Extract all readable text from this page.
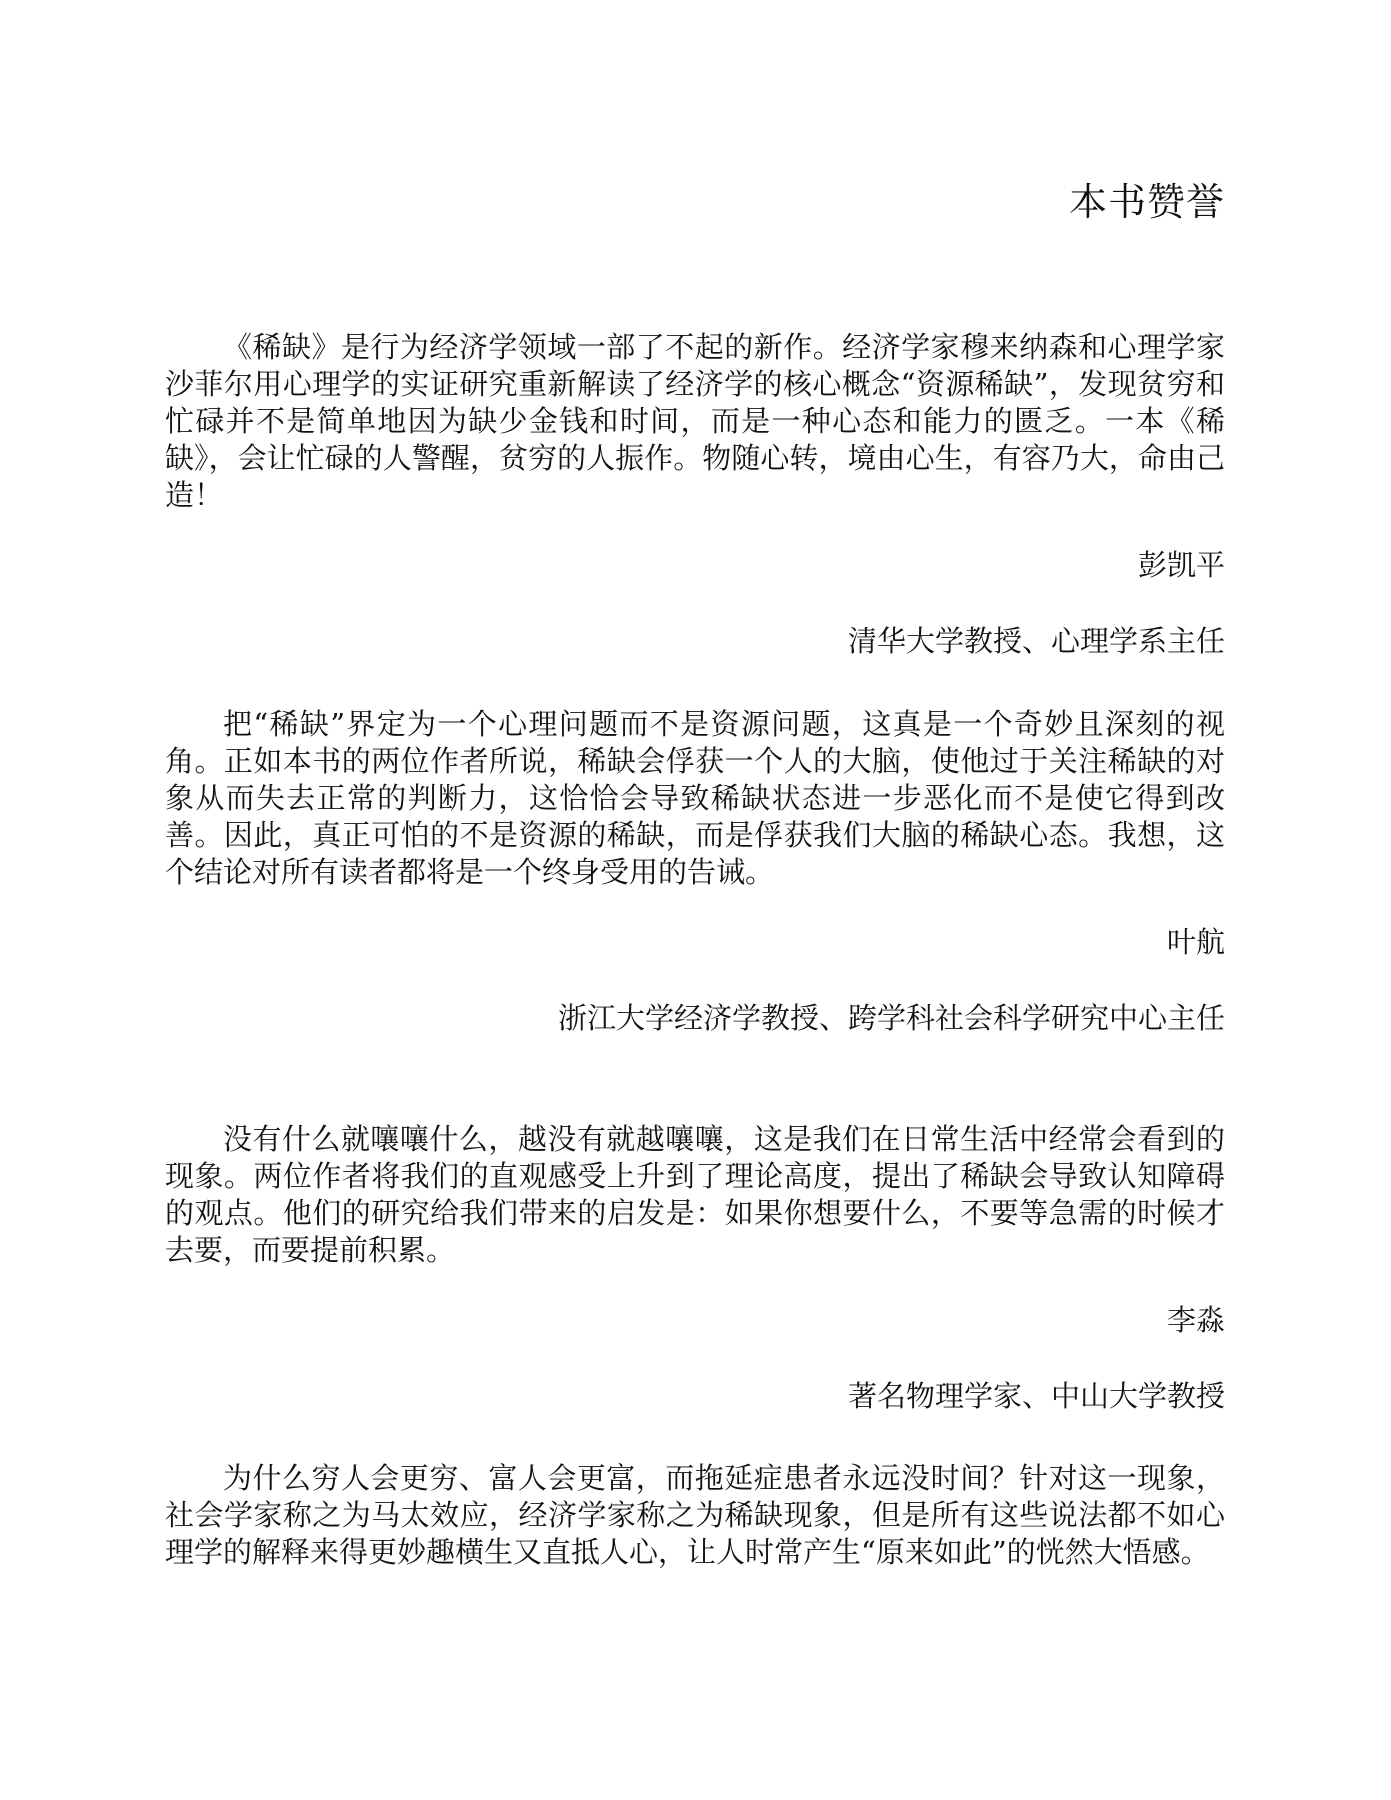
本书赞誉

《稀缺》是行为经济学领域一部了不起的新作。经济学家穆来纳森和心理学家沙菲尔用心理学的实证研究重新解读了经济学的核心概念“资源稀缺”，发现贫穷和忙碌并不是简单地因为缺少金钱和时间，而是一种心态和能力的匮乏。一本《稀缺》，会让忙碌的人警醒，贫穷的人振作。物随心转，境由心生，有容乃大，命由己造！

彭凯平

清华大学教授、心理学系主任

把“稀缺”界定为一个心理问题而不是资源问题，这真是一个奇妙且深刻的视角。正如本书的两位作者所说，稀缺会俘获一个人的大脑，使他过于关注稀缺的对象从而失去正常的判断力，这恰恰会导致稀缺状态进一步恶化而不是使它得到改善。因此，真正可怕的不是资源的稀缺，而是俘获我们大脑的稀缺心态。我想，这个结论对所有读者都将是一个终身受用的告诫。

叶航

浙江大学经济学教授、跨学科社会科学研究中心主任

没有什么就嚷嚷什么，越没有就越嚷嚷，这是我们在日常生活中经常会看到的现象。两位作者将我们的直观感受上升到了理论高度，提出了稀缺会导致认知障碍的观点。他们的研究给我们带来的启发是：如果你想要什么，不要等急需的时候才去要，而要提前积累。

李淼

著名物理学家、中山大学教授

为什么穷人会更穷、富人会更富，而拖延症患者永远没时间？针对这一现象，社会学家称之为马太效应，经济学家称之为稀缺现象，但是所有这些说法都不如心理学的解释来得更妙趣横生又直抵人心，让人时常产生“原来如此”的恍然大悟感。
